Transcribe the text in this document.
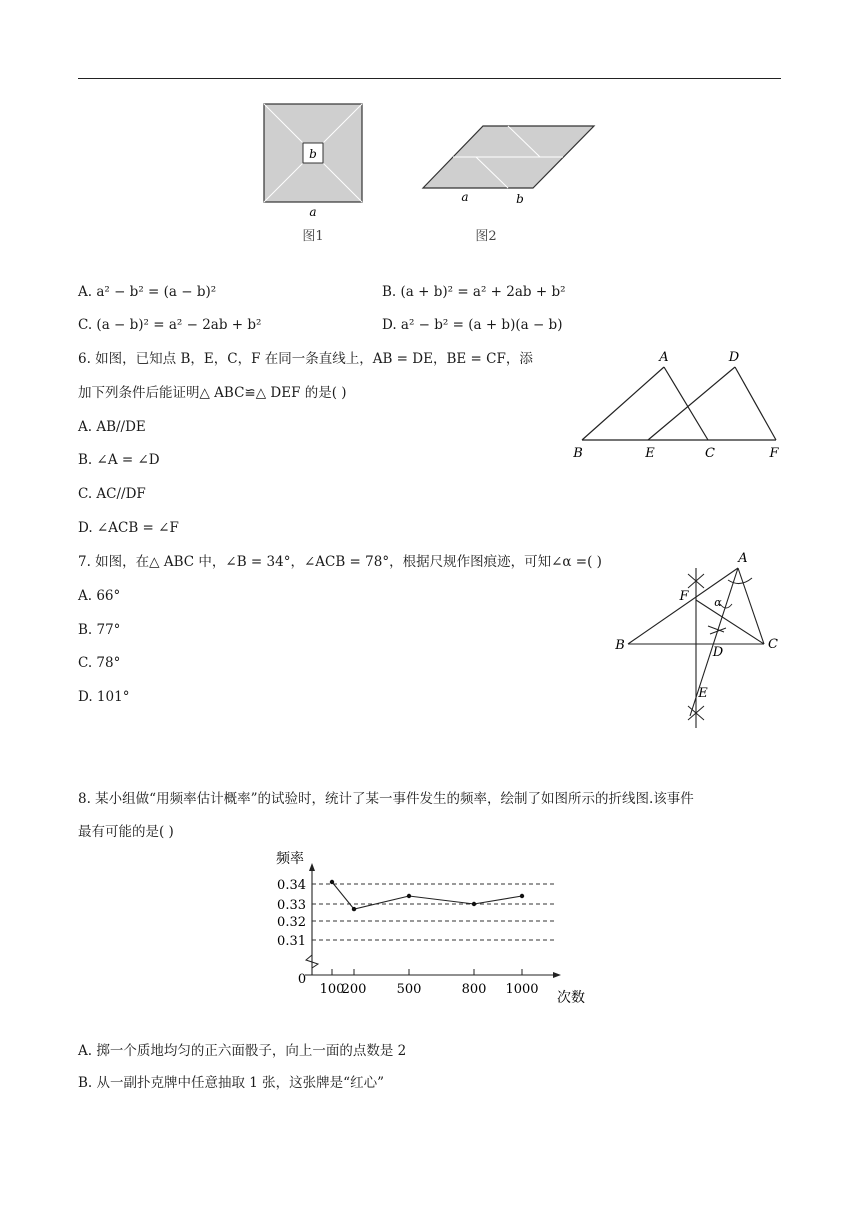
b
a
图1
a	b
图2
A. a² − b² = (a − b)²	B. (a + b)² = a² + 2ab + b²
C. (a − b)² = a² − 2ab + b²	D. a² − b² = (a + b)(a − b)
6. 如图，已知点 B，E，C，F 在同一条直线上，AB = DE，BE = CF，添
加下列条件后能证明△ ABC≌△ DEF 的是( )
A. AB//DE
B. ∠A = ∠D
C. AC//DF
D. ∠ACB = ∠F
A	D
B	E	C	F
7. 如图，在△ ABC 中，∠B = 34°，∠ACB = 78°，根据尺规作图痕迹，可知∠α =( )
A. 66°
B. 77°
C. 78°
D. 101°
A
F
B	C
D
E
α
8. 某小组做“用频率估计概率”的试验时，统计了某一事件发生的频率，绘制了如图所示的折线图.该事件
最有可能的是( )
频率
次数
0
0.31
0.32
0.33
0.34
100
200 500	800 1000
A. 掷一个质地均匀的正六面骰子，向上一面的点数是 2
B. 从一副扑克牌中任意抽取 1 张，这张牌是“红心”
